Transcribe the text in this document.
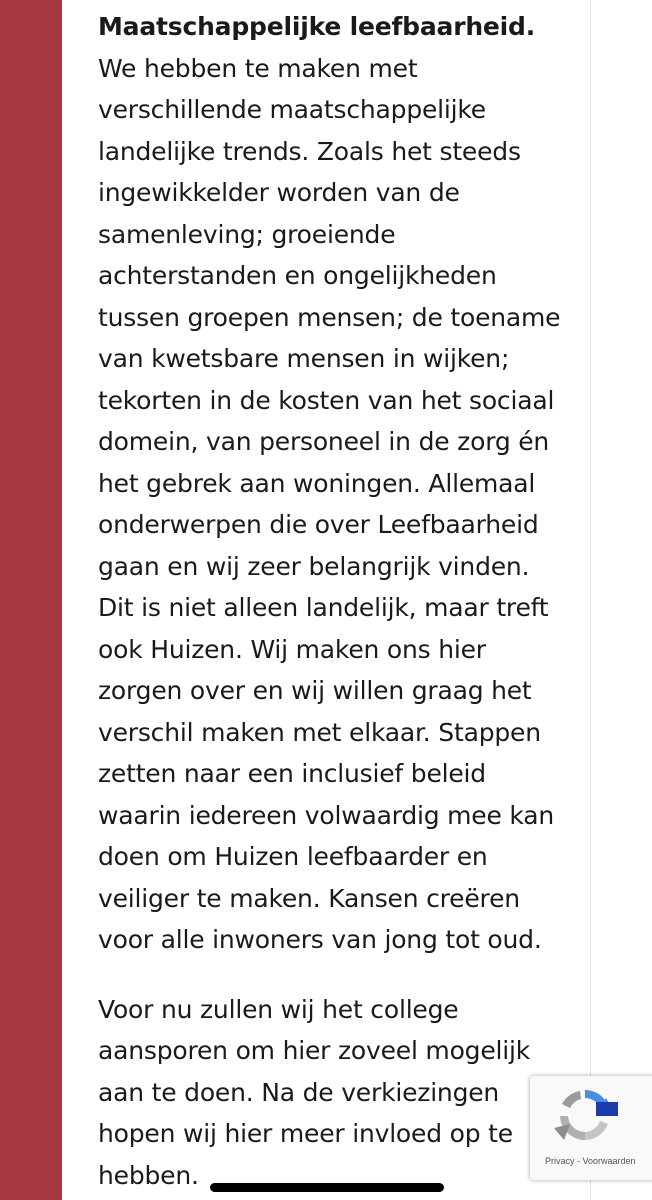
Maatschappelijke leefbaarheid.
We hebben te maken met
verschillende maatschappelijke
landelijke trends. Zoals het steeds
ingewikkelder worden van de
samenleving; groeiende
achterstanden en ongelijkheden
tussen groepen mensen; de toename
van kwetsbare mensen in wijken;
tekorten in de kosten van het sociaal
domein, van personeel in de zorg én
het gebrek aan woningen. Allemaal
onderwerpen die over Leefbaarheid
gaan en wij zeer belangrijk vinden.
Dit is niet alleen landelijk, maar treft
ook Huizen. Wij maken ons hier
zorgen over en wij willen graag het
verschil maken met elkaar. Stappen
zetten naar een inclusief beleid
waarin iedereen volwaardig mee kan
doen om Huizen leefbaarder en
veiliger te maken. Kansen creëren
voor alle inwoners van jong tot oud.
Voor nu zullen wij het college
aansporen om hier zoveel mogelijk
aan te doen. Na de verkiezingen
hopen wij hier meer invloed op te
hebben.	Privacy - Voorwaarden
